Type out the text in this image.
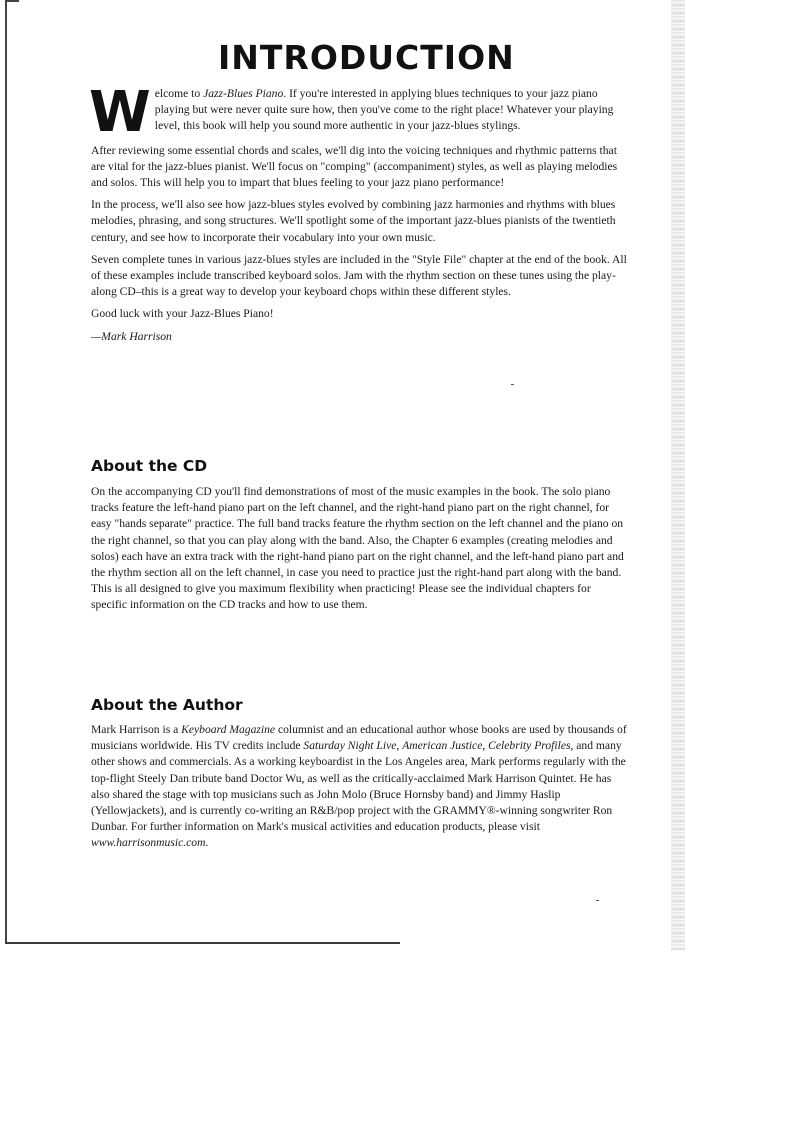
INTRODUCTION

Welcome to Jazz-Blues Piano. If you're interested in applying blues techniques to your jazz piano playing but were never quite sure how, then you've come to the right place! Whatever your playing level, this book will help you sound more authentic in your jazz-blues stylings.

After reviewing some essential chords and scales, we'll dig into the voicing techniques and rhythmic patterns that are vital for the jazz-blues pianist. We'll focus on "comping" (accompaniment) styles, as well as playing melodies and solos. This will help you to impart that blues feeling to your jazz piano performance!

In the process, we'll also see how jazz-blues styles evolved by combining jazz harmonies and rhythms with blues melodies, phrasing, and song structures. We'll spotlight some of the important jazz-blues pianists of the twentieth century, and see how to incorporate their vocabulary into your own music.

Seven complete tunes in various jazz-blues styles are included in the "Style File" chapter at the end of the book. All of these examples include transcribed keyboard solos. Jam with the rhythm section on these tunes using the play-along CD–this is a great way to develop your keyboard chops within these different styles.

Good luck with your Jazz-Blues Piano!

—Mark Harrison

About the CD

On the accompanying CD you'll find demonstrations of most of the music examples in the book. The solo piano tracks feature the left-hand piano part on the left channel, and the right-hand piano part on the right channel, for easy "hands separate" practice. The full band tracks feature the rhythm section on the left channel and the piano on the right channel, so that you can play along with the band. Also, the Chapter 6 examples (creating melodies and solos) each have an extra track with the right-hand piano part on the right channel, and the left-hand piano part and the rhythm section all on the left channel, in case you need to practice just the right-hand part along with the band. This is all designed to give you maximum flexibility when practicing! Please see the individual chapters for specific information on the CD tracks and how to use them.

About the Author

Mark Harrison is a Keyboard Magazine columnist and an educational author whose books are used by thousands of musicians worldwide. His TV credits include Saturday Night Live, American Justice, Celebrity Profiles, and many other shows and commercials. As a working keyboardist in the Los Angeles area, Mark performs regularly with the top-flight Steely Dan tribute band Doctor Wu, as well as the critically-acclaimed Mark Harrison Quintet. He has also shared the stage with top musicians such as John Molo (Bruce Hornsby band) and Jimmy Haslip (Yellowjackets), and is currently co-writing an R&B/pop project with the GRAMMY®-winning songwriter Ron Dunbar. For further information on Mark's musical activities and education products, please visit www.harrisonmusic.com.
